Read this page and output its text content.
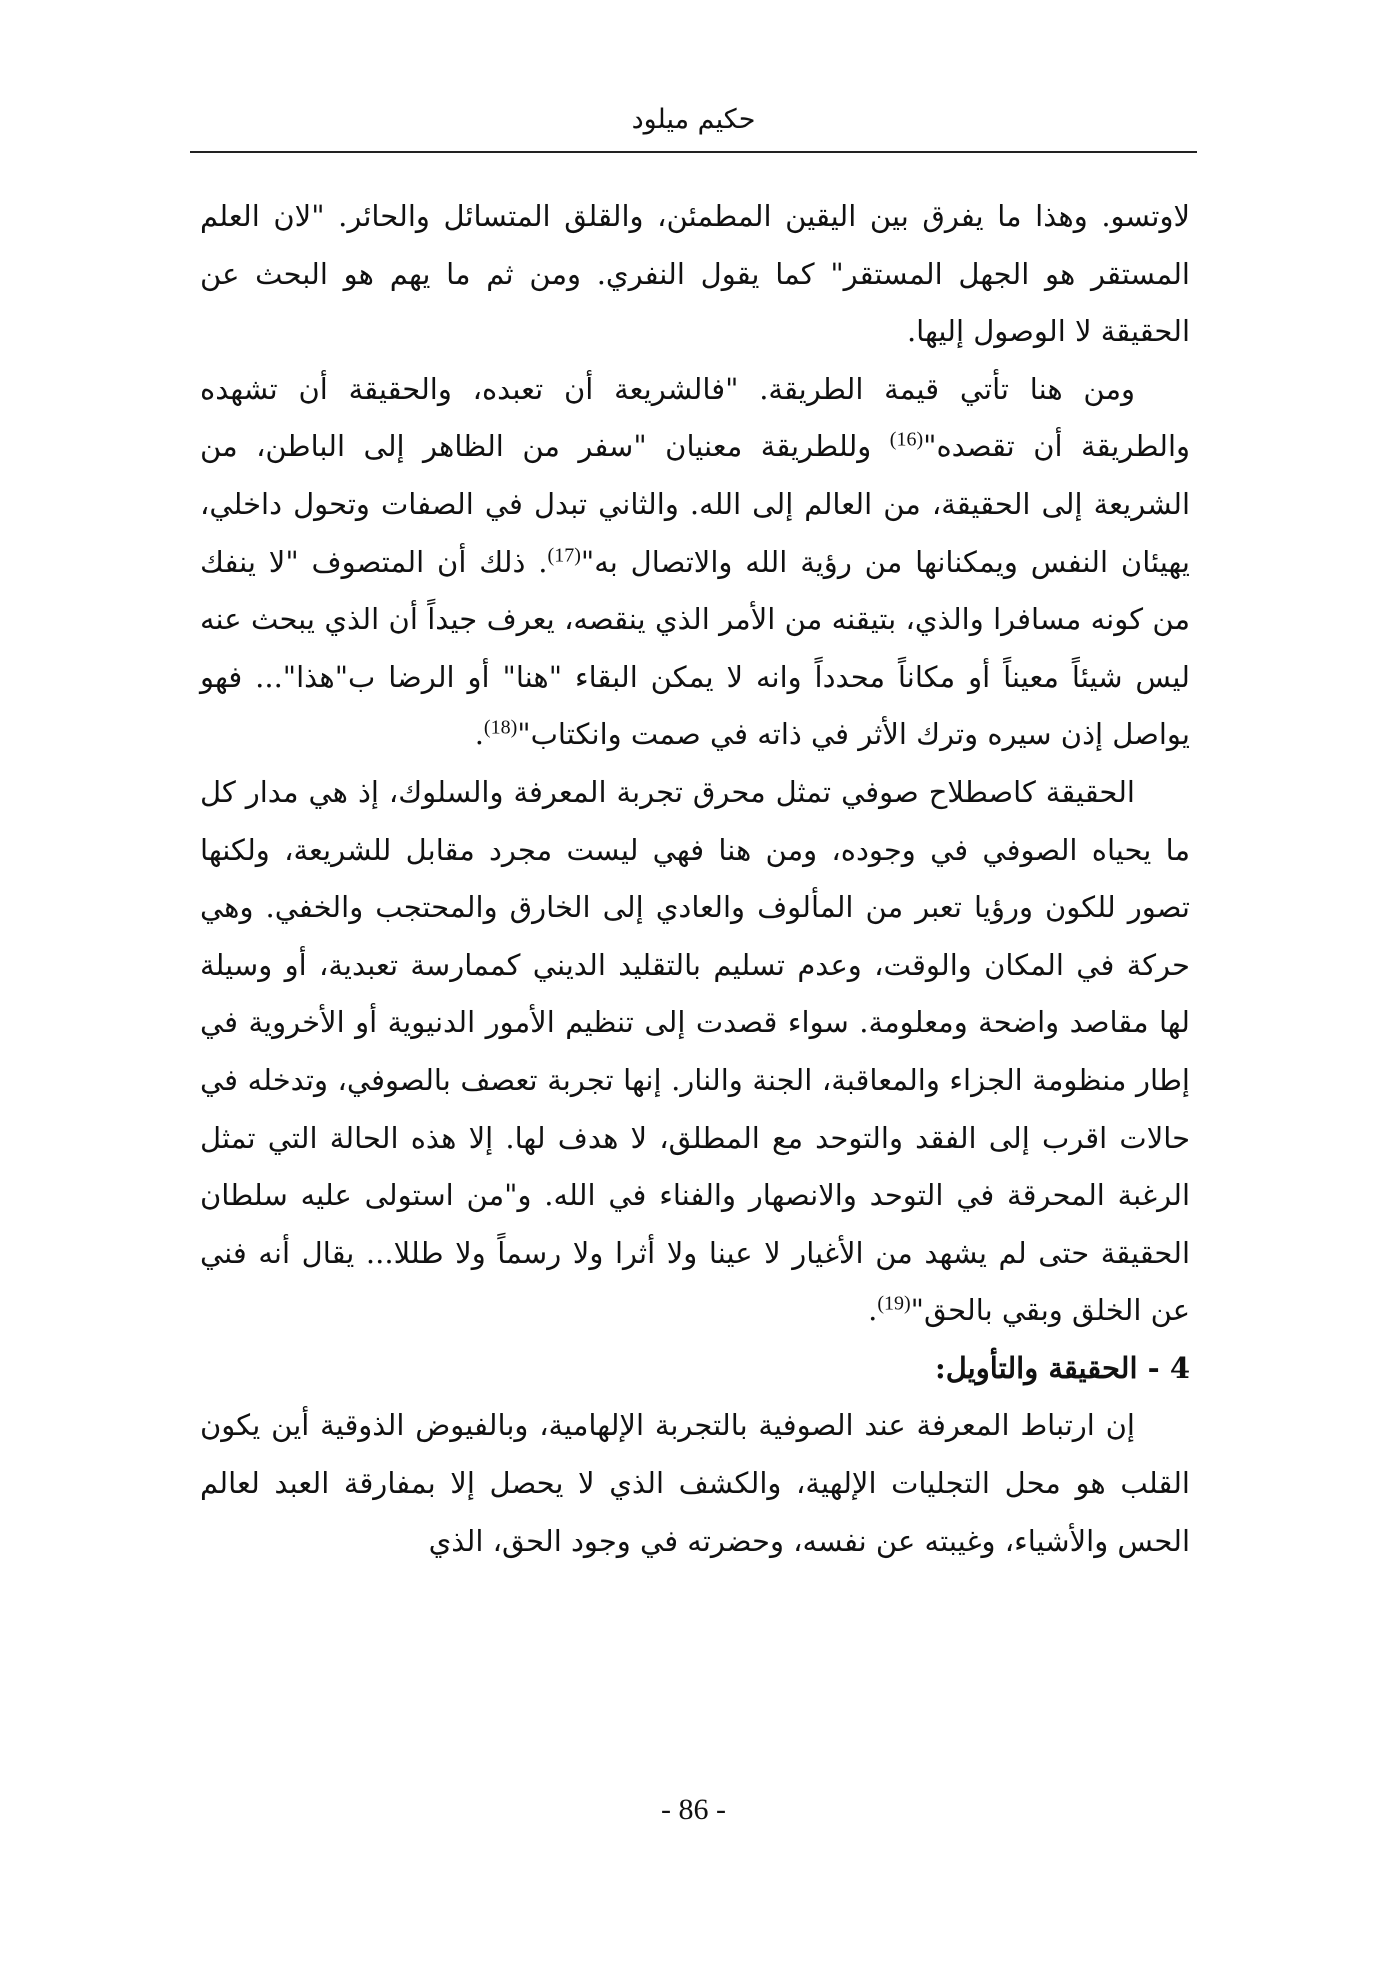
حكيم ميلود

لاوتسو. وهذا ما يفرق بين اليقين المطمئن، والقلق المتسائل والحائر. "لان العلم المستقر هو الجهل المستقر" كما يقول النفري. ومن ثم ما يهم هو البحث عن الحقيقة لا الوصول إليها.

ومن هنا تأتي قيمة الطريقة. "فالشريعة أن تعبده، والحقيقة أن تشهده والطريقة أن تقصده"$^{(16)}$ وللطريقة معنيان "سفر من الظاهر إلى الباطن، من الشريعة إلى الحقيقة، من العالم إلى الله. والثاني تبدل في الصفات وتحول داخلي، يهيئان النفس ويمكنانها من رؤية الله والاتصال به"$^{(17)}$. ذلك أن المتصوف "لا ينفك من كونه مسافرا والذي، بتيقنه من الأمر الذي ينقصه، يعرف جيداً أن الذي يبحث عنه ليس شيئاً معيناً أو مكاناً محدداً وانه لا يمكن البقاء "هنا" أو الرضا ب"هذا"... فهو يواصل إذن سيره وترك الأثر في ذاته في صمت وانكتاب"$^{(18)}$.

الحقيقة كاصطلاح صوفي تمثل محرق تجربة المعرفة والسلوك، إذ هي مدار كل ما يحياه الصوفي في وجوده، ومن هنا فهي ليست مجرد مقابل للشريعة، ولكنها تصور للكون ورؤيا تعبر من المألوف والعادي إلى الخارق والمحتجب والخفي. وهي حركة في المكان والوقت، وعدم تسليم بالتقليد الديني كممارسة تعبدية، أو وسيلة لها مقاصد واضحة ومعلومة. سواء قصدت إلى تنظيم الأمور الدنيوية أو الأخروية في إطار منظومة الجزاء والمعاقبة، الجنة والنار. إنها تجربة تعصف بالصوفي، وتدخله في حالات اقرب إلى الفقد والتوحد مع المطلق، لا هدف لها. إلا هذه الحالة التي تمثل الرغبة المحرقة في التوحد والانصهار والفناء في الله. و"من استولى عليه سلطان الحقيقة حتى لم يشهد من الأغيار لا عينا ولا أثرا ولا رسماً ولا طللا... يقال أنه فني عن الخلق وبقي بالحق"$^{(19)}$.

4 - الحقيقة والتأويل:

إن ارتباط المعرفة عند الصوفية بالتجربة الإلهامية، وبالفيوض الذوقية أين يكون القلب هو محل التجليات الإلهية، والكشف الذي لا يحصل إلا بمفارقة العبد لعالم الحس والأشياء، وغيبته عن نفسه، وحضرته في وجود الحق، الذي

- 86 -
